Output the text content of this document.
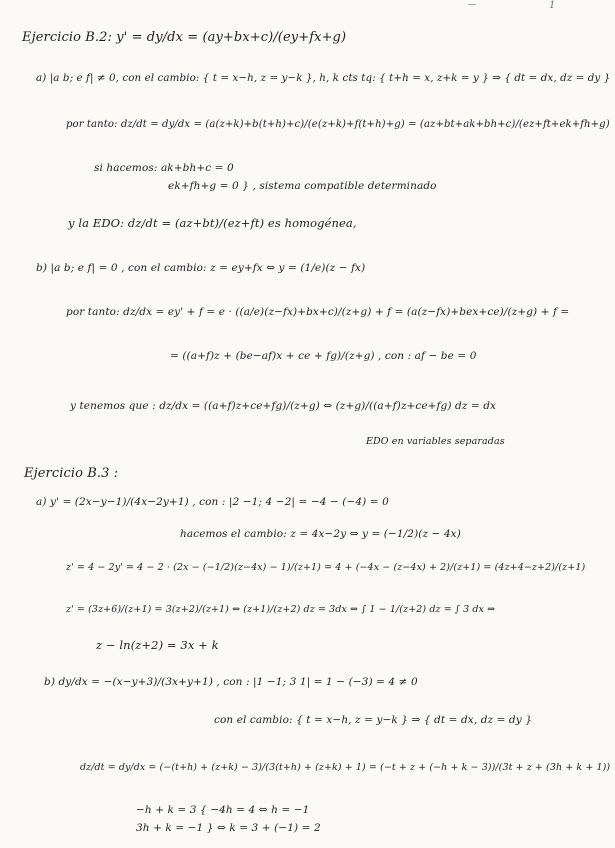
1
Ejercicio B.2: y' = dy/dx = (ay+bx+c)/(ey+fx+g)
a) |a b; e f| ≠ 0, con el cambio: { t = x−h, z = y−k }, h, k cts tq: { t+h = x, z+k = y } ⇒ { dt = dx, dz = dy }
por tanto: dz/dt = dy/dx = (a(z+k)+b(t+h)+c)/(e(z+k)+f(t+h)+g) = (az+bt+ak+bh+c)/(ez+ft+ek+fh+g)
si hacemos: ak+bh+c = 0
ek+fh+g = 0 } , sistema compatible determinado
y la EDO: dz/dt = (az+bt)/(ez+ft) es homogénea,
b) |a b; e f| = 0 , con el cambio: z = ey+fx ⇔ y = (1/e)(z − fx)
por tanto: dz/dx = ey' + f = e · ((a/e)(z−fx)+bx+c)/(z+g) + f = (a(z−fx)+bex+ce)/(z+g) + f =
= ((a+f)z + (be−af)x + ce + fg)/(z+g) , con : af − be = 0
y tenemos que : dz/dx = ((a+f)z+ce+fg)/(z+g) ⇔ (z+g)/((a+f)z+ce+fg) dz = dx
EDO en variables separadas
Ejercicio B.3 :
a) y' = (2x−y−1)/(4x−2y+1) , con : |2 −1; 4 −2| = −4 − (−4) = 0
hacemos el cambio: z = 4x−2y ⇔ y = (−1/2)(z − 4x)
z' = 4 − 2y' = 4 − 2 · (2x − (−1/2)(z−4x) − 1)/(z+1) = 4 + (−4x − (z−4x) + 2)/(z+1) = (4z+4−z+2)/(z+1)
z' = (3z+6)/(z+1) = 3(z+2)/(z+1) ⇔ (z+1)/(z+2) dz = 3dx ⇔ ∫ 1 − 1/(z+2) dz = ∫ 3 dx ⇔
z − ln(z+2) = 3x + k
b) dy/dx = −(x−y+3)/(3x+y+1) , con : |1 −1; 3 1| = 1 − (−3) = 4 ≠ 0
con el cambio: { t = x−h, z = y−k } ⇒ { dt = dx, dz = dy }
dz/dt = dy/dx = (−(t+h) + (z+k) − 3)/(3(t+h) + (z+k) + 1) = (−t + z + (−h + k − 3))/(3t + z + (3h + k + 1))
−h + k = 3 { −4h = 4 ⇔ h = −1
3h + k = −1 } ⇔ k = 3 + (−1) = 2
